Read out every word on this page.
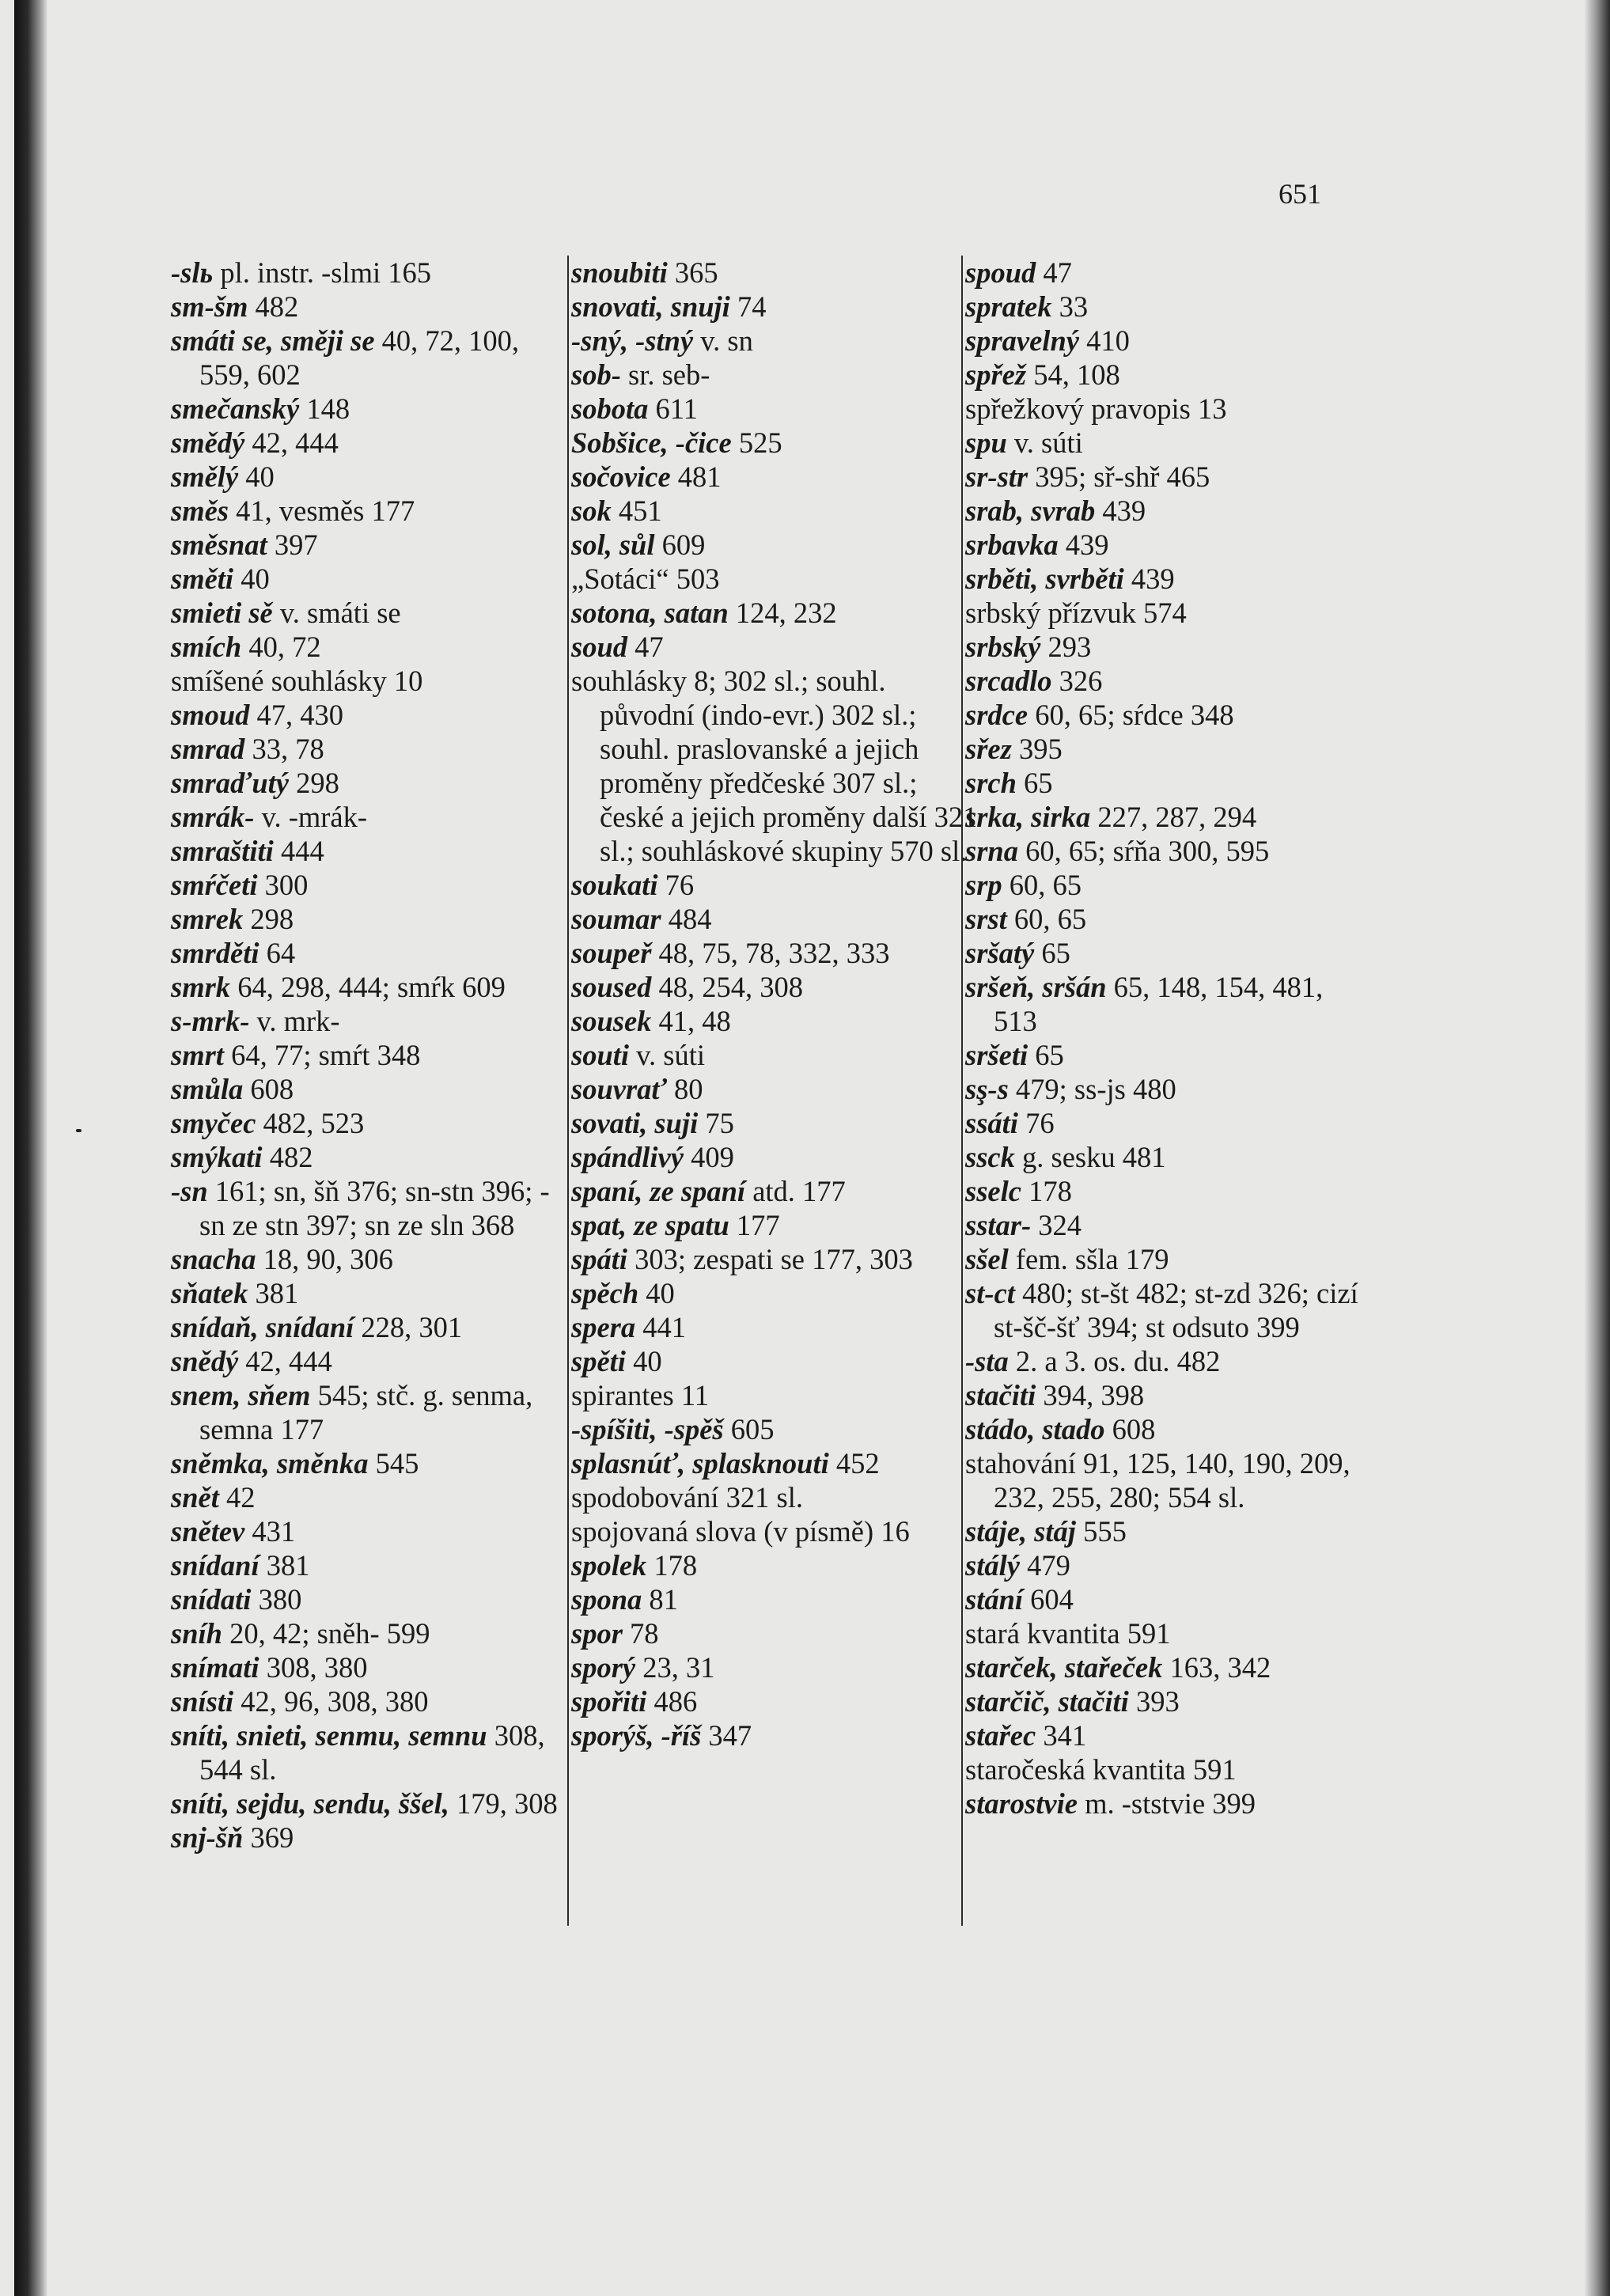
651

-slь pl. instr. -slmi 165

sm-šm 482

smáti se, směji se 40, 72, 100, 559, 602

smečanský 148

smědý 42, 444

smělý 40

směs 41, vesměs 177

směsnat 397

směti 40

smieti sě v. smáti se

smích 40, 72

smíšené souhlásky 10

smoud 47, 430

smrad 33, 78

smraďutý 298

smrák- v. -mrák-

smraštiti 444

smŕčeti 300

smrek 298

smrděti 64

smrk 64, 298, 444; smŕk 609

s-mrk- v. mrk-

smrt 64, 77; smŕt 348

smůla 608

smyčec 482, 523

smýkati 482

-sn 161; sn, šň 376; sn-stn 396; -sn ze stn 397; sn ze sln 368

snacha 18, 90, 306

sňatek 381

snídaň, snídaní 228, 301

snědý 42, 444

snem, sňem 545; stč. g. senma, semna 177

sněmka, směnka 545

snět 42

snětev 431

snídaní 381

snídati 380

sníh 20, 42; sněh- 599

snímati 308, 380

snísti 42, 96, 308, 380

sníti, snieti, senmu, semnu 308, 544 sl.

sníti, sejdu, sendu, ššel, 179, 308

snj-šň 369

snoubiti 365

snovati, snuji 74

-sný, -stný v. sn

sob- sr. seb-

sobota 611

Sobšice, -čice 525

sočovice 481

sok 451

sol, sůl 609

„Sotáci“ 503

sotona, satan 124, 232

soud 47

souhlásky 8; 302 sl.; souhl. původní (indo-evr.) 302 sl.; souhl. praslovanské a jejich proměny předčeské 307 sl.; české a jejich proměny další 321 sl.; souhláskové skupiny 570 sl.

soukati 76

soumar 484

soupeř 48, 75, 78, 332, 333

soused 48, 254, 308

sousek 41, 48

souti v. súti

souvrať 80

sovati, suji 75

spándlivý 409

spaní, ze spaní atd. 177

spat, ze spatu 177

spáti 303; zespati se 177, 303

spěch 40

spera 441

spěti 40

spirantes 11

-spíšiti, -spěš 605

splasnúť, splasknouti 452

spodobování 321 sl.

spojovaná slova (v písmě) 16

spolek 178

spona 81

spor 78

sporý 23, 31

spořiti 486

sporýš, -říš 347

spoud 47

spratek 33

spravelný 410

spřež 54, 108

spřežkový pravopis 13

spu v. súti

sr-str 395; sř-shř 465

srab, svrab 439

srbavka 439

srběti, svrběti 439

srbský přízvuk 574

srbský 293

srcadlo 326

srdce 60, 65; sŕdce 348

sřez 395

srch 65

srka, sirka 227, 287, 294

srna 60, 65; sŕňa 300, 595

srp 60, 65

srst 60, 65

sršatý 65

sršeň, sršán 65, 148, 154, 481, 513

sršeti 65

sş-s 479; ss-js 480

ssáti 76

ssck g. sesku 481

sselc 178

sstar- 324

sšel fem. sšla 179

st-ct 480; st-št 482; st-zd 326; cizí st-šč-šť 394; st odsuto 399

-sta 2. a 3. os. du. 482

stačiti 394, 398

stádo, stado 608

stahování 91, 125, 140, 190, 209, 232, 255, 280; 554 sl.

stáje, stáj 555

stálý 479

stání 604

stará kvantita 591

starček, stařeček 163, 342

starčič, stačiti 393

stařec 341

staročeská kvantita 591

starostvie m. -ststvie 399
